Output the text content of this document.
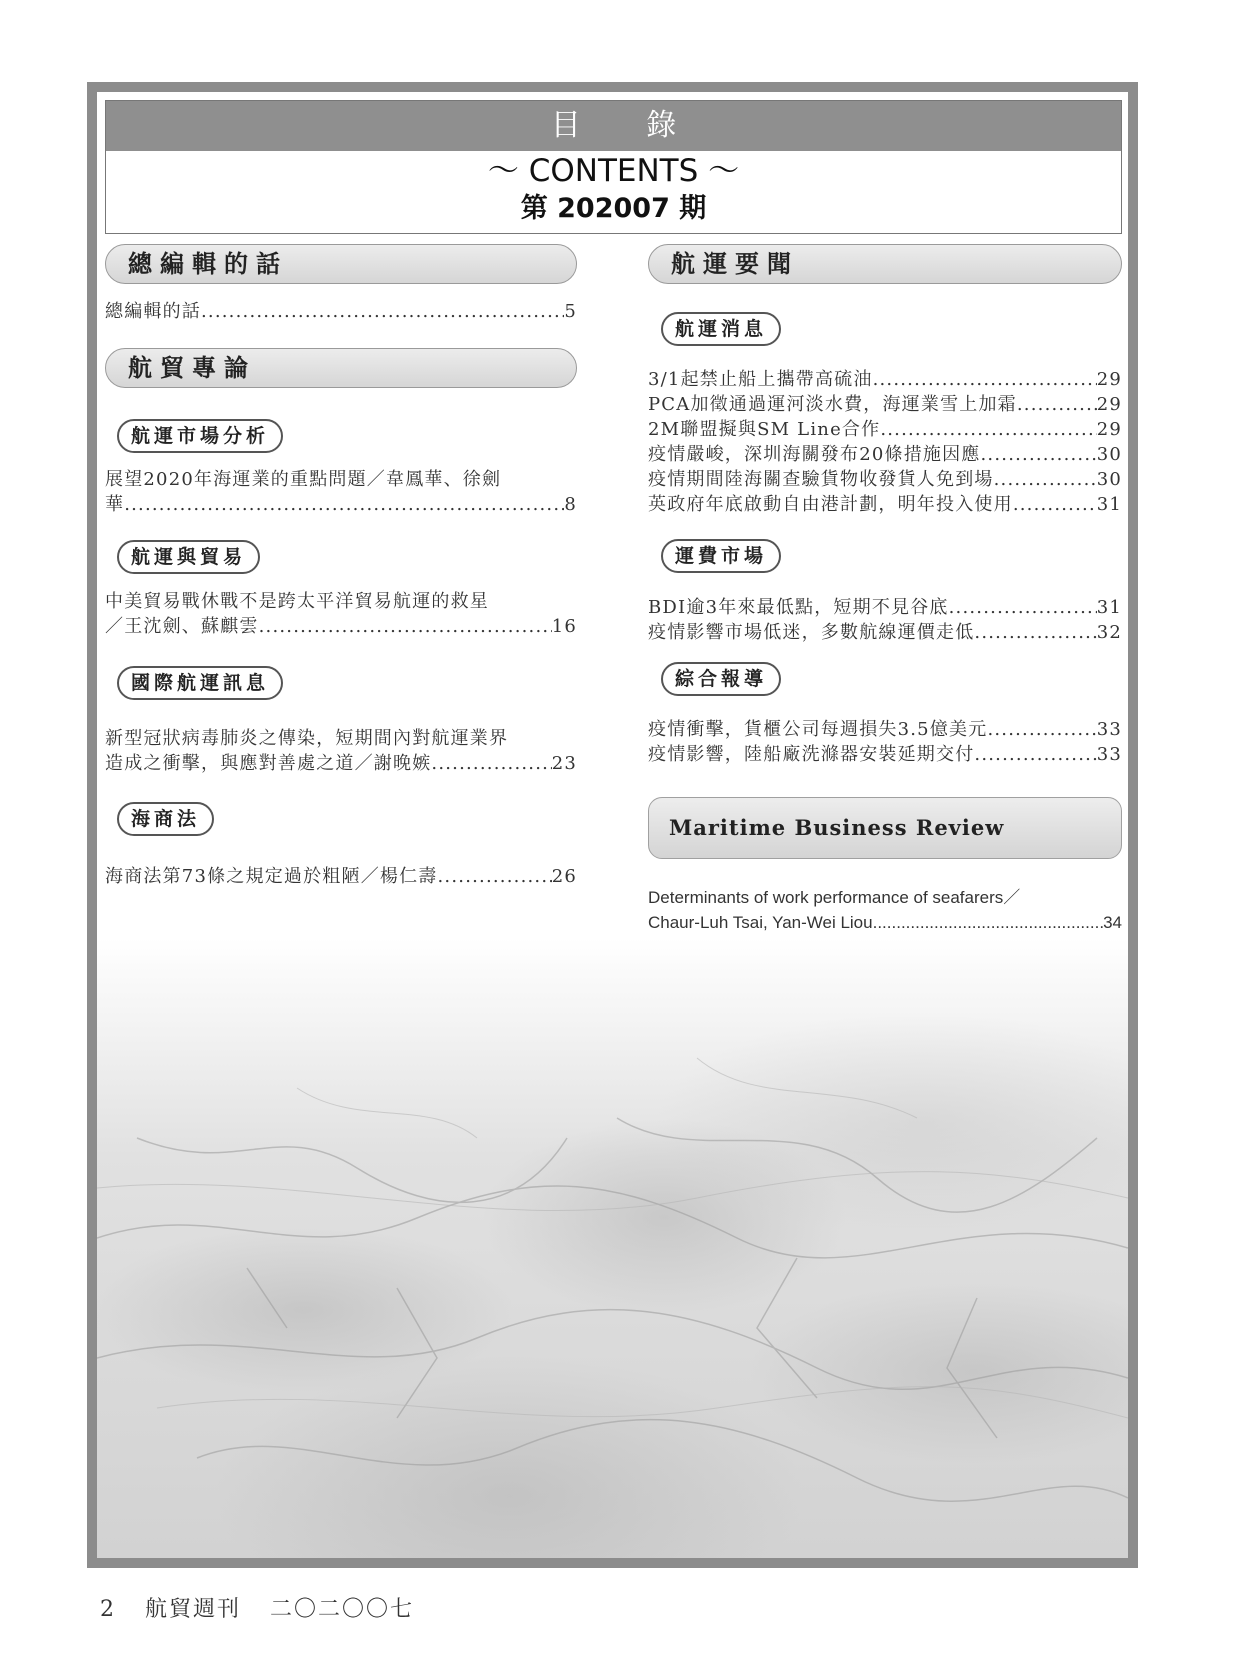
目 錄
～ CONTENTS ～
第 202007 期
總編輯的話
總編輯的話 .....	5
航貿專論
航運市場分析
展望2020年海運業的重點問題／韋鳳華、徐劍
華 .....	8
航運與貿易
中美貿易戰休戰不是跨太平洋貿易航運的救星
／王沈劍、蘇麒雲 .....	16
國際航運訊息
新型冠狀病毒肺炎之傳染，短期間內對航運業界
造成之衝擊，與應對善處之道／謝晚嫉 .....	23
海商法
海商法第73條之規定過於粗陋／楊仁壽 .....	26
航運要聞
航運消息
3/1起禁止船上攜帶高硫油 .....	29
PCA加徵通過運河淡水費，海運業雪上加霜 .....	29
2M聯盟擬與SM Line合作 .....	29
疫情嚴峻，深圳海關發布20條措施因應 .....	30
疫情期間陸海關查驗貨物收發貨人免到場 .....	30
英政府年底啟動自由港計劃，明年投入使用 .....	31
運費市場
BDI逾3年來最低點，短期不見谷底 .....	31
疫情影響市場低迷，多數航線運價走低 .....	32
綜合報導
疫情衝擊，貨櫃公司每週損失3.5億美元 .....	33
疫情影響，陸船廠洗滌器安裝延期交付 .....	33
Maritime Business Review
Determinants of work performance of seafarers／
Chaur-Luh Tsai, Yan-Wei Liou .....	34
2 航貿週刊 二〇二〇〇七
